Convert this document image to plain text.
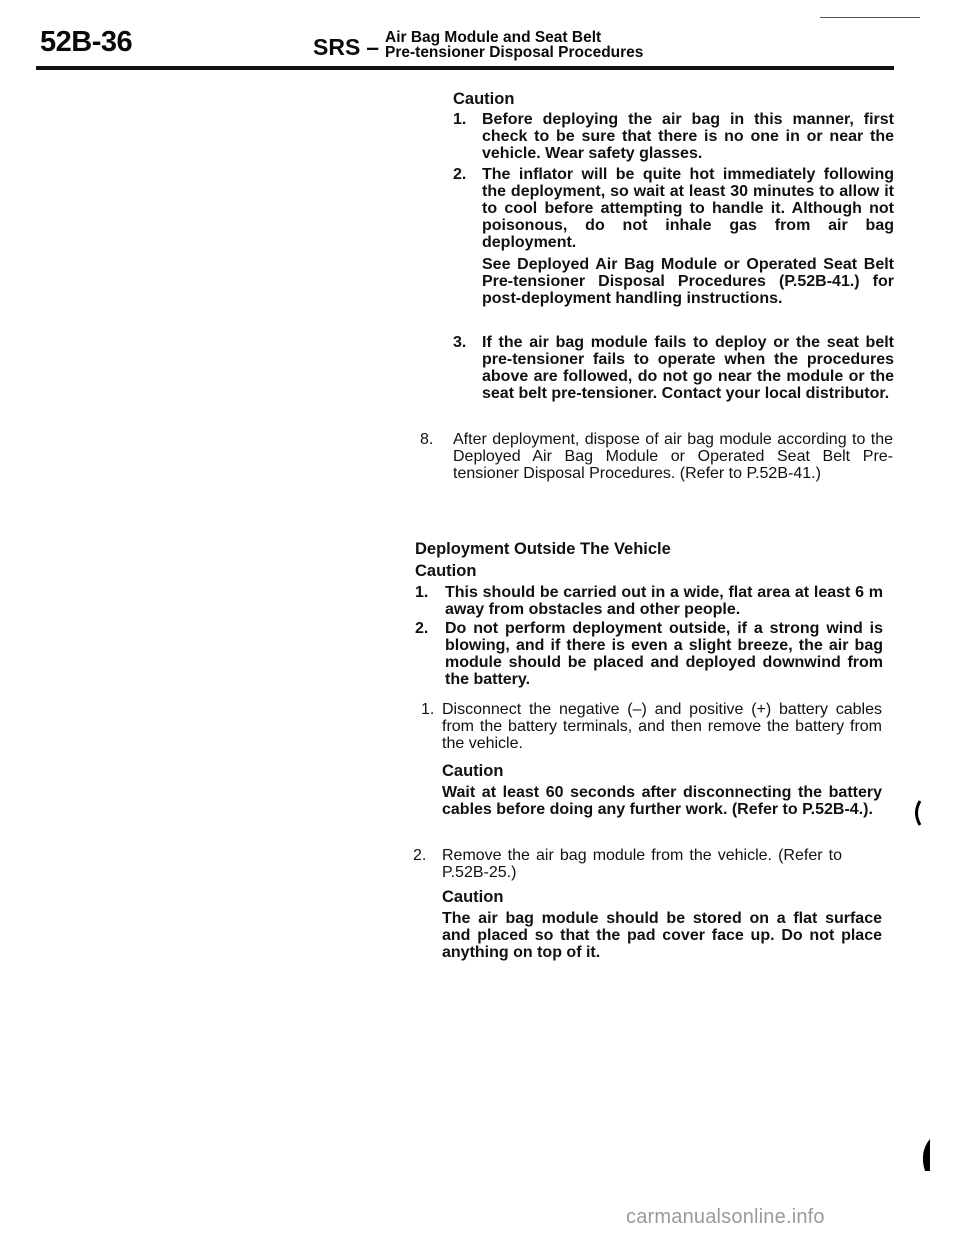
52B-36	SRS – Air Bag Module and Seat Belt
Pre-tensioner Disposal Procedures
Caution
1. Before deploying the air bag in this manner, first check to be sure that there is no one in or near the vehicle. Wear safety glasses.
2. The inflator will be quite hot immediately following the deployment, so wait at least 30 minutes to allow it to cool before attempting to handle it. Although not poisonous, do not inhale gas from air bag deployment.
See Deployed Air Bag Module or Operated Seat Belt Pre-tensioner Disposal Procedures (P.52B-41.) for post-deployment handling instructions.
3. If the air bag module fails to deploy or the seat belt pre-tensioner fails to operate when the procedures above are followed, do not go near the module or the seat belt pre-tensioner. Contact your local distributor.
8. After deployment, dispose of air bag module according to the Deployed Air Bag Module or Operated Seat Belt Pre-tensioner Disposal Procedures. (Refer to P.52B-41.)
Deployment Outside The Vehicle
Caution
1. This should be carried out in a wide, flat area at least 6 m away from obstacles and other people.
2. Do not perform deployment outside, if a strong wind is blowing, and if there is even a slight breeze, the air bag module should be placed and deployed downwind from the battery.
1. Disconnect the negative (–) and positive (+) battery cables from the battery terminals, and then remove the battery from the vehicle.
Caution
Wait at least 60 seconds after disconnecting the battery cables before doing any further work. (Refer to P.52B-4.).
2. Remove the air bag module from the vehicle. (Refer to P.52B-25.)
Caution
The air bag module should be stored on a flat surface and placed so that the pad cover face up. Do not place anything on top of it.
carmanualsonline.info
